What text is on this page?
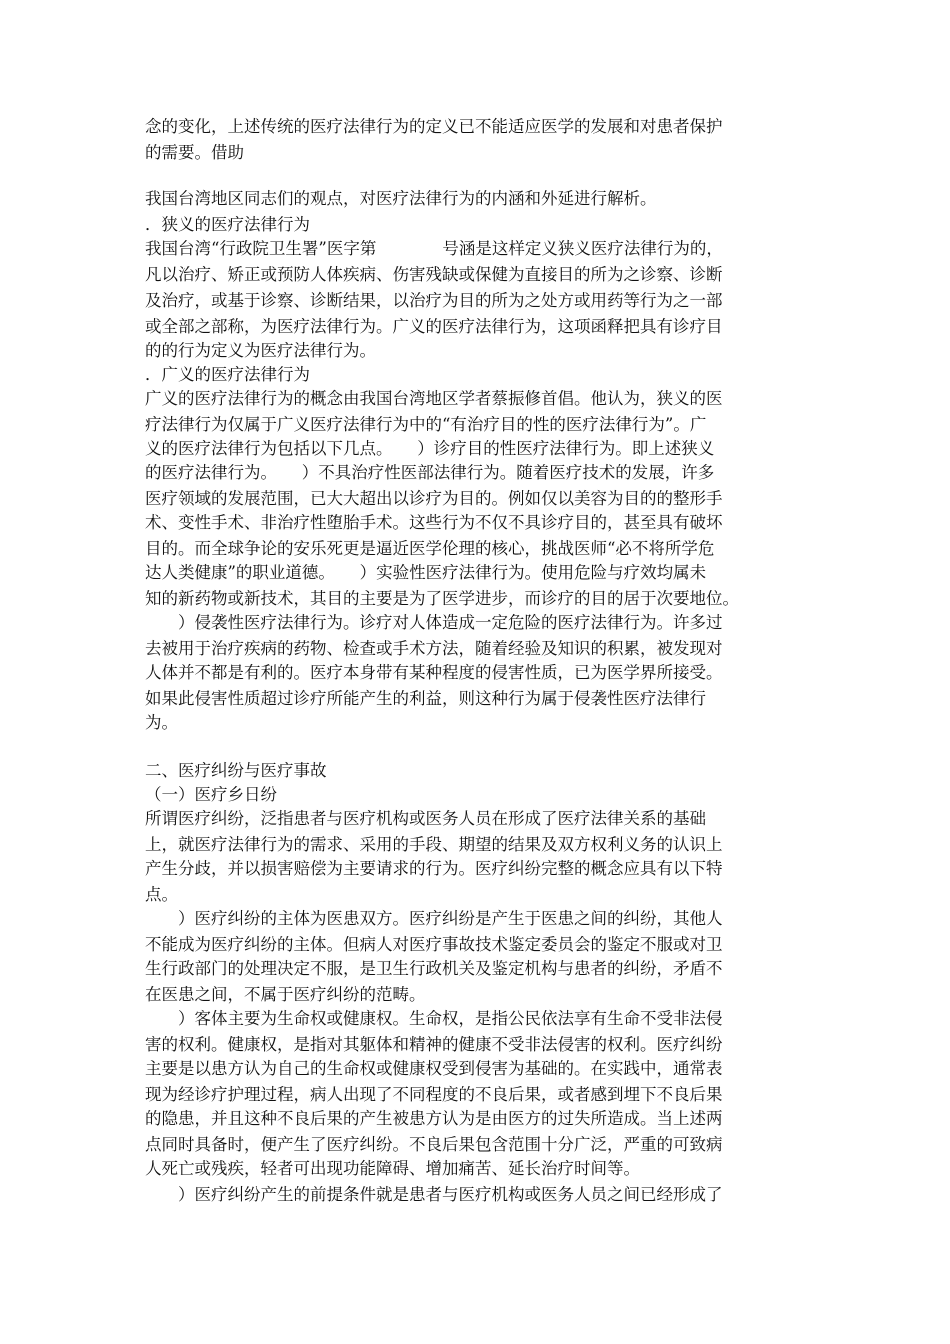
念的变化，上述传统的医疗法律行为的定义已不能适应医学的发展和对患者保护
的需要。借助
我国台湾地区同志们的观点，对医疗法律行为的内涵和外延进行解析。
．狭义的医疗法律行为
我国台湾“行政院卫生署”医字第　　　　号涵是这样定义狭义医疗法律行为的，
凡以治疗、矫正或预防人体疾病、伤害残缺或保健为直接目的所为之诊察、诊断
及治疗，或基于诊察、诊断结果，以治疗为目的所为之处方或用药等行为之一部
或全部之部称，为医疗法律行为。广义的医疗法律行为，这项函释把具有诊疗目
的的行为定义为医疗法律行为。
．广义的医疗法律行为
广义的医疗法律行为的概念由我国台湾地区学者蔡振修首倡。他认为，狭义的医
疗法律行为仅属于广义医疗法律行为中的“有治疗目的性的医疗法律行为”。广
义的医疗法律行为包括以下几点。　　）诊疗目的性医疗法律行为。即上述狭义
的医疗法律行为。　　）不具治疗性医部法律行为。随着医疗技术的发展，许多
医疗领域的发展范围，已大大超出以诊疗为目的。例如仅以美容为目的的整形手
术、变性手术、非治疗性堕胎手术。这些行为不仅不具诊疗目的，甚至具有破坏
目的。而全球争论的安乐死更是逼近医学伦理的核心，挑战医师“必不将所学危
达人类健康”的职业道德。　　）实验性医疗法律行为。使用危险与疗效均属未
知的新药物或新技术，其目的主要是为了医学进步，而诊疗的目的居于次要地位。
　　）侵袭性医疗法律行为。诊疗对人体造成一定危险的医疗法律行为。许多过
去被用于治疗疾病的药物、检查或手术方法，随着经验及知识的积累，被发现对
人体并不都是有利的。医疗本身带有某种程度的侵害性质，已为医学界所接受。
如果此侵害性质超过诊疗所能产生的利益，则这种行为属于侵袭性医疗法律行
为。
二、医疗纠纷与医疗事故
（一）医疗乡日纷
所谓医疗纠纷，泛指患者与医疗机构或医务人员在形成了医疗法律关系的基础
上，就医疗法律行为的需求、采用的手段、期望的结果及双方权利义务的认识上
产生分歧，并以损害赔偿为主要请求的行为。医疗纠纷完整的概念应具有以下特
点。
　　）医疗纠纷的主体为医患双方。医疗纠纷是产生于医患之间的纠纷，其他人
不能成为医疗纠纷的主体。但病人对医疗事故技术鉴定委员会的鉴定不服或对卫
生行政部门的处理决定不服，是卫生行政机关及鉴定机构与患者的纠纷，矛盾不
在医患之间，不属于医疗纠纷的范畴。
　　）客体主要为生命权或健康权。生命权，是指公民依法享有生命不受非法侵
害的权利。健康权，是指对其躯体和精神的健康不受非法侵害的权利。医疗纠纷
主要是以患方认为自己的生命权或健康权受到侵害为基础的。在实践中，通常表
现为经诊疗护理过程，病人出现了不同程度的不良后果，或者感到埋下不良后果
的隐患，并且这种不良后果的产生被患方认为是由医方的过失所造成。当上述两
点同时具备时，便产生了医疗纠纷。不良后果包含范围十分广泛，严重的可致病
人死亡或残疾，轻者可出现功能障碍、增加痛苦、延长治疗时间等。
　　）医疗纠纷产生的前提条件就是患者与医疗机构或医务人员之间已经形成了
